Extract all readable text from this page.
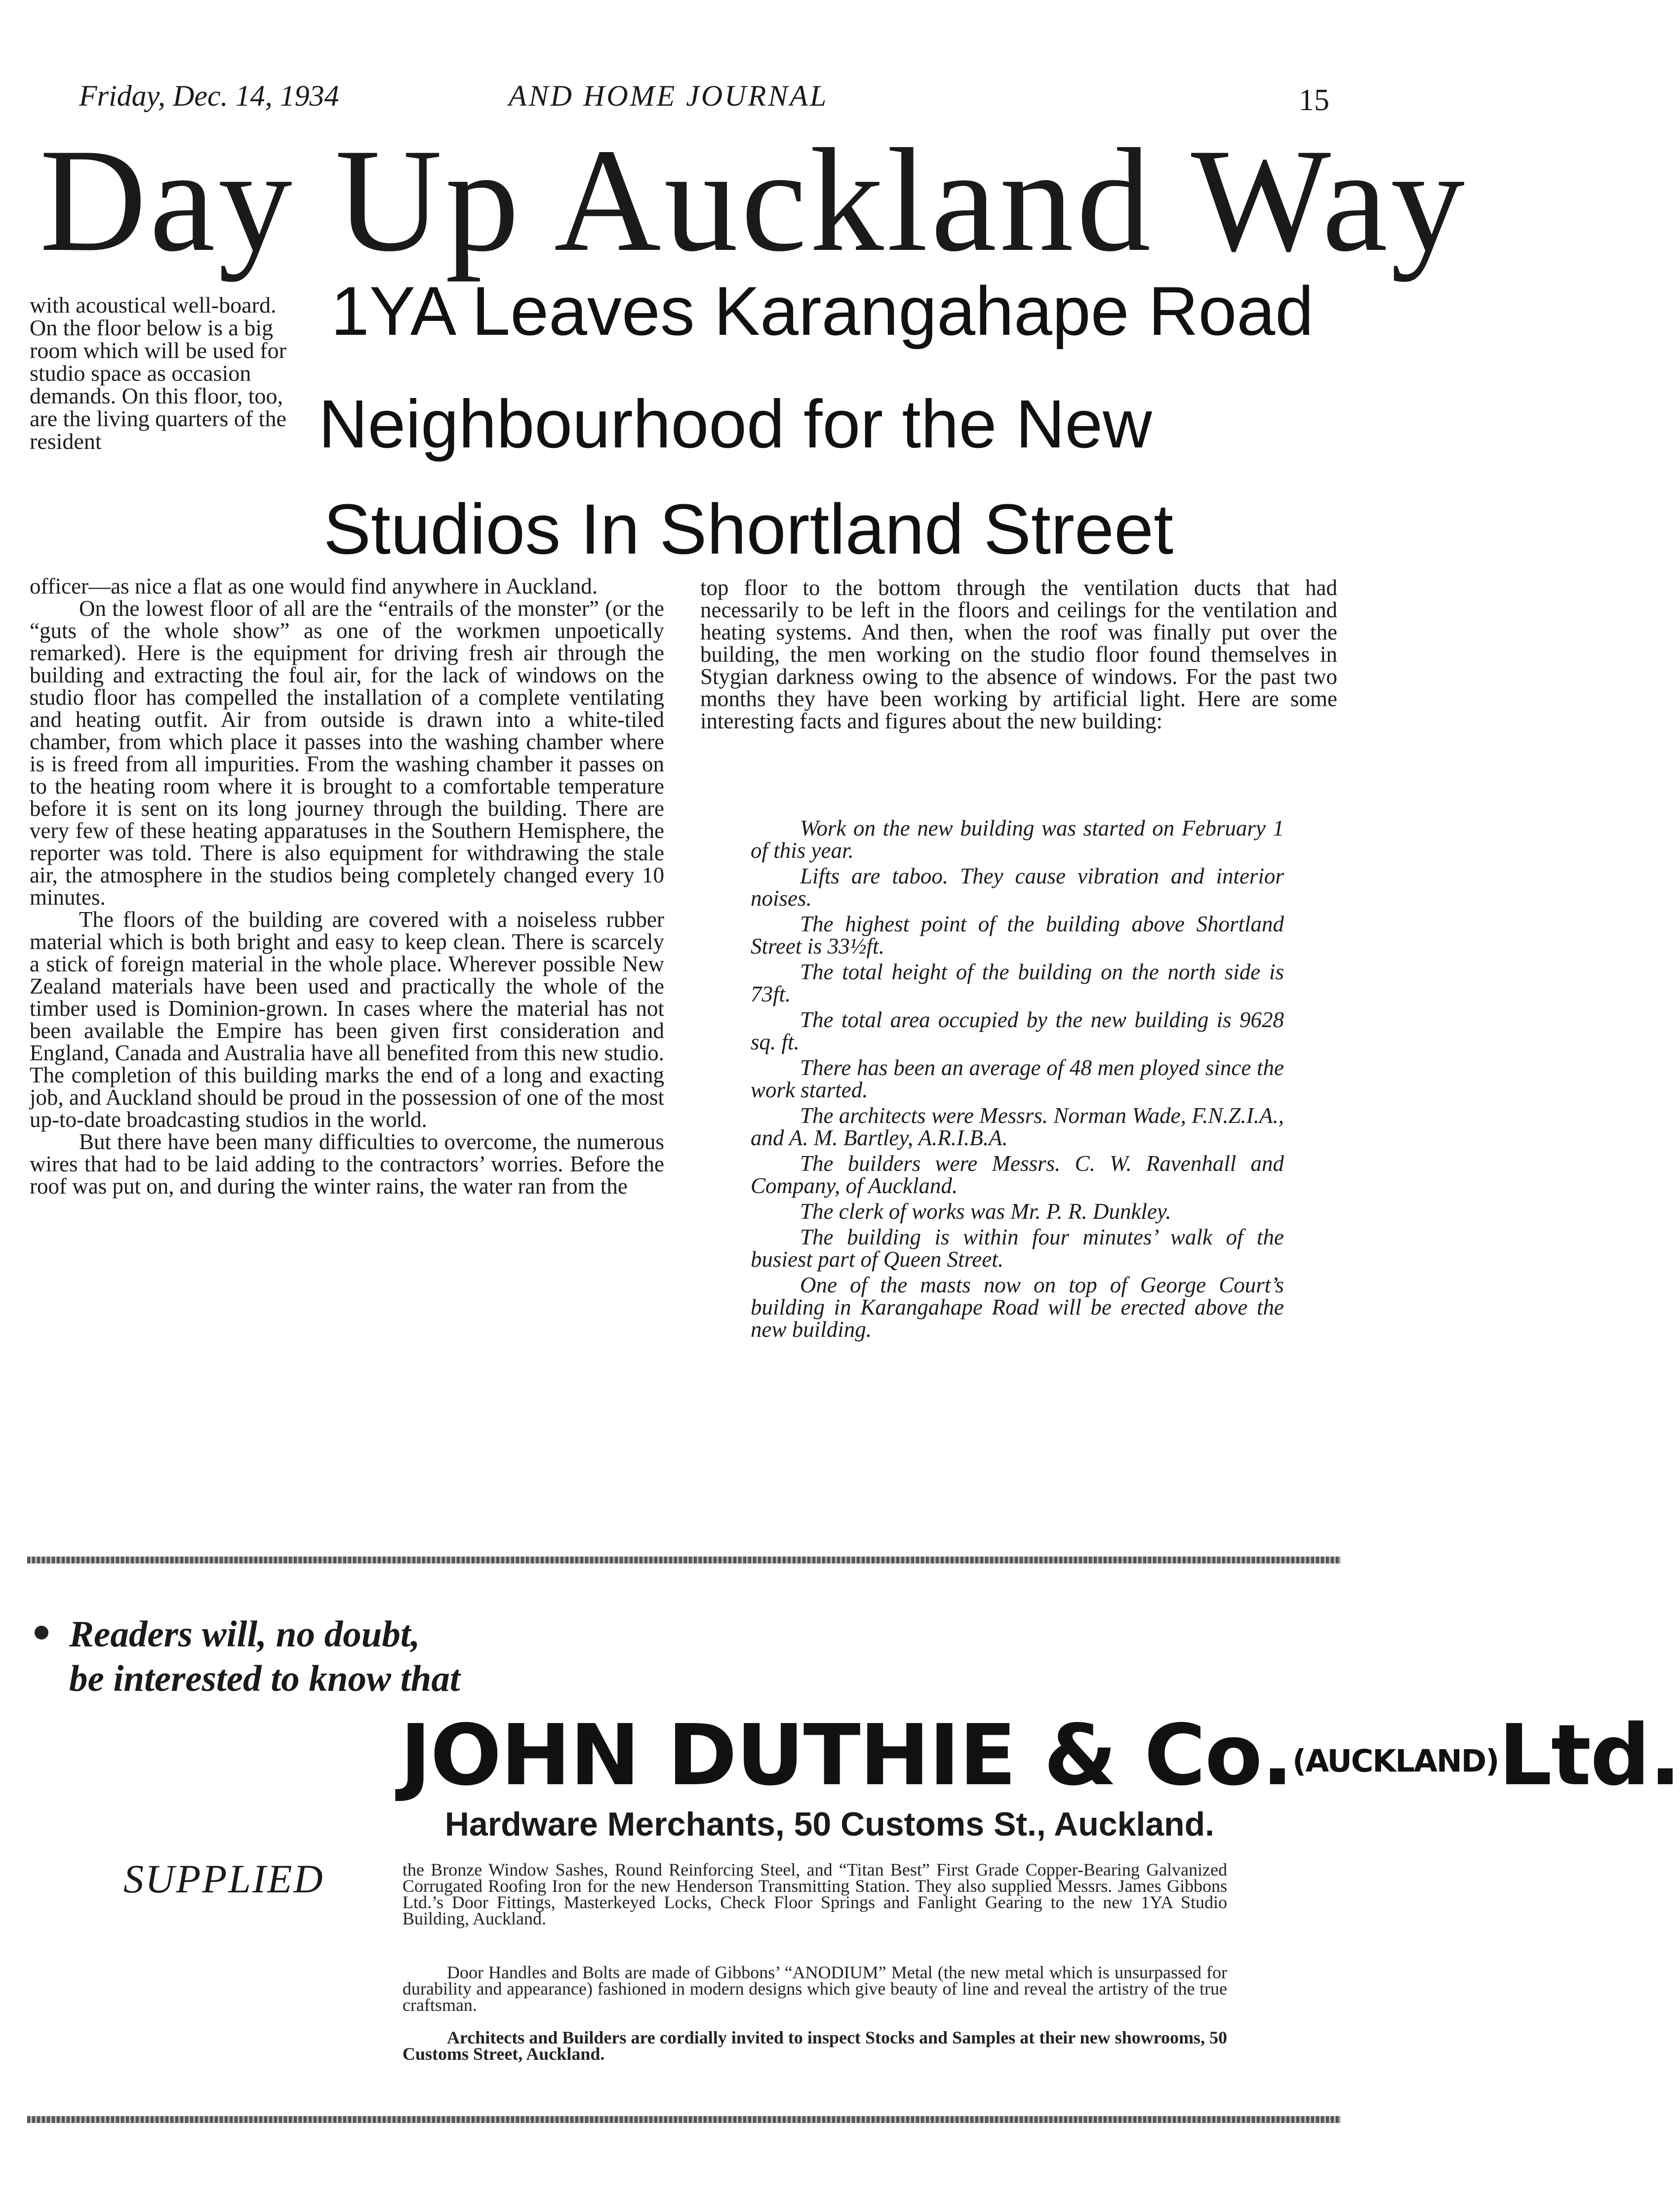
Friday, Dec. 14, 1934	AND HOME JOURNAL	15
Day Up Auckland Way
1YA Leaves Karangahape Road
Neighbourhood for the New
Studios In Shortland Street
with acoustical well-board. On the floor below is a big room which will be used for studio space as occasion demands. On this floor, too, are the living quarters of the resident

officer—as nice a flat as one would find anywhere in Auckland.

On the lowest floor of all are the “entrails of the monster” (or the “guts of the whole show” as one of the workmen unpoetically remarked). Here is the equipment for driving fresh air through the building and extracting the foul air, for the lack of windows on the studio floor has compelled the installation of a complete ventilating and heating outfit. Air from outside is drawn into a white-tiled chamber, from which place it passes into the washing chamber where is is freed from all impurities. From the washing chamber it passes on to the heating room where it is brought to a comfortable temperature before it is sent on its long journey through the building. There are very few of these heating apparatuses in the Southern Hemisphere, the reporter was told. There is also equipment for withdrawing the stale air, the atmosphere in the studios being completely changed every 10 minutes.

The floors of the building are covered with a noiseless rubber material which is both bright and easy to keep clean. There is scarcely a stick of foreign material in the whole place. Wherever possible New Zealand materials have been used and practically the whole of the timber used is Dominion-grown. In cases where the material has not been available the Empire has been given first consideration and England, Canada and Australia have all benefited from this new studio. The completion of this building marks the end of a long and exacting job, and Auckland should be proud in the possession of one of the most up-to-date broadcasting studios in the world.

But there have been many difficulties to overcome, the numerous wires that had to be laid adding to the contractors’ worries. Before the roof was put on, and during the winter rains, the water ran from the

top floor to the bottom through the ventilation ducts that had necessarily to be left in the floors and ceilings for the ventilation and heating systems. And then, when the roof was finally put over the building, the men working on the studio floor found themselves in Stygian darkness owing to the absence of windows. For the past two months they have been working by artificial light. Here are some interesting facts and figures about the new building:

Work on the new building was started on February 1 of this year.

Lifts are taboo. They cause vibration and interior noises.

The highest point of the building above Shortland Street is 33½ft.

The total height of the building on the north side is 73ft.

The total area occupied by the new building is 9628 sq. ft.

There has been an average of 48 men ployed since the work started.

The architects were Messrs. Norman Wade, F.N.Z.I.A., and A. M. Bartley, A.R.I.B.A.

The builders were Messrs. C. W. Ravenhall and Company, of Auckland.

The clerk of works was Mr. P. R. Dunkley.

The building is within four minutes’ walk of the busiest part of Queen Street.

One of the masts now on top of George Court’s building in Karangahape Road will be erected above the new building.

Readers will, no doubt,
be interested to know that
JOHN DUTHIE & Co.(AUCKLAND)Ltd.
Hardware Merchants, 50 Customs St., Auckland.
SUPPLIED	the Bronze Window Sashes, Round Reinforcing Steel, and “Titan Best” First Grade Copper-Bearing Galvanized Corrugated Roofing Iron for the new Henderson Transmitting Station. They also supplied Messrs. James Gibbons Ltd.’s Door Fittings, Masterkeyed Locks, Check Floor Springs and Fanlight Gearing to the new 1YA Studio Building, Auckland.
Door Handles and Bolts are made of Gibbons’ “ANODIUM” Metal (the new metal which is unsurpassed for durability and appearance) fashioned in modern designs which give beauty of line and reveal the artistry of the true craftsman.
Architects and Builders are cordially invited to inspect Stocks and Samples at their new showrooms, 50 Customs Street, Auckland.
